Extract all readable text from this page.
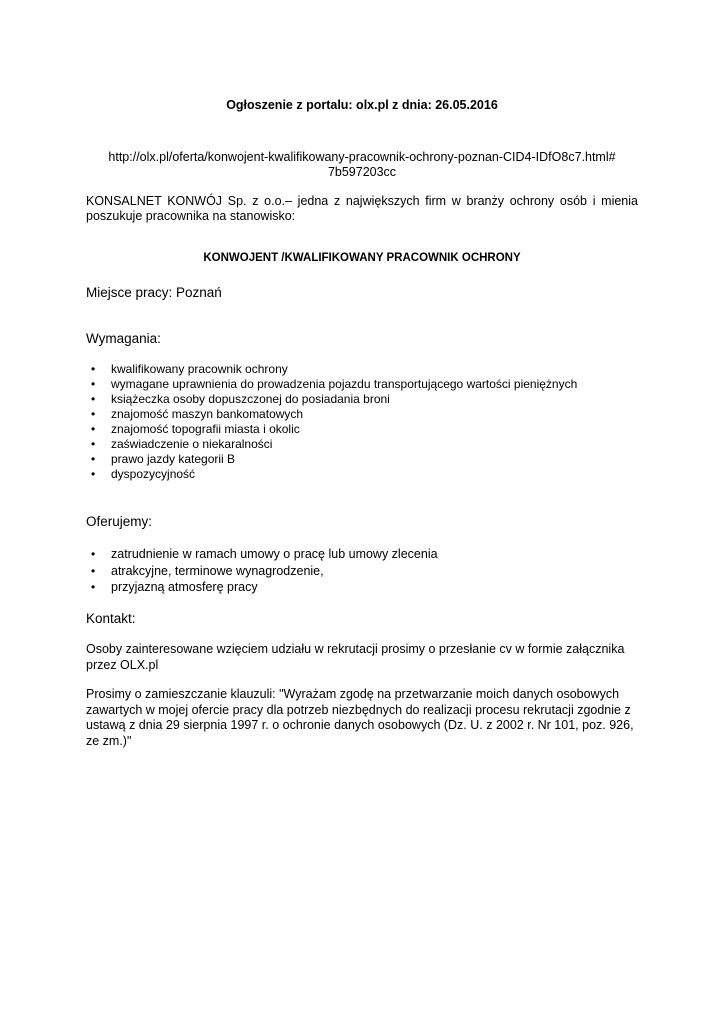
Ogłoszenie z portalu: olx.pl z dnia: 26.05.2016
http://olx.pl/oferta/konwojent-kwalifikowany-pracownik-ochrony-poznan-CID4-IDfO8c7.html#7b597203cc
KONSALNET KONWÓJ Sp. z o.o.– jedna z największych firm w branży ochrony osób i mienia poszukuje pracownika na stanowisko:
KONWOJENT /KWALIFIKOWANY PRACOWNIK OCHRONY
Miejsce pracy: Poznań
Wymagania:
• kwalifikowany pracownik ochrony
• wymagane uprawnienia do prowadzenia pojazdu transportującego wartości pieniężnych
• książeczka osoby dopuszczonej do posiadania broni
• znajomość maszyn bankomatowych
• znajomość topografii miasta i okolic
• zaświadczenie o niekaralności
• prawo jazdy kategorii B
• dyspozycyjność
Oferujemy:
• zatrudnienie w ramach umowy o pracę lub umowy zlecenia
• atrakcyjne, terminowe wynagrodzenie,
• przyjazną atmosferę pracy
Kontakt:
Osoby zainteresowane wzięciem udziału w rekrutacji prosimy o przesłanie cv w formie załącznika przez OLX.pl
Prosimy o zamieszczanie klauzuli: "Wyrażam zgodę na przetwarzanie moich danych osobowych zawartych w mojej ofercie pracy dla potrzeb niezbędnych do realizacji procesu rekrutacji zgodnie z ustawą z dnia 29 sierpnia 1997 r. o ochronie danych osobowych (Dz. U. z 2002 r. Nr 101, poz. 926, ze zm.)"
